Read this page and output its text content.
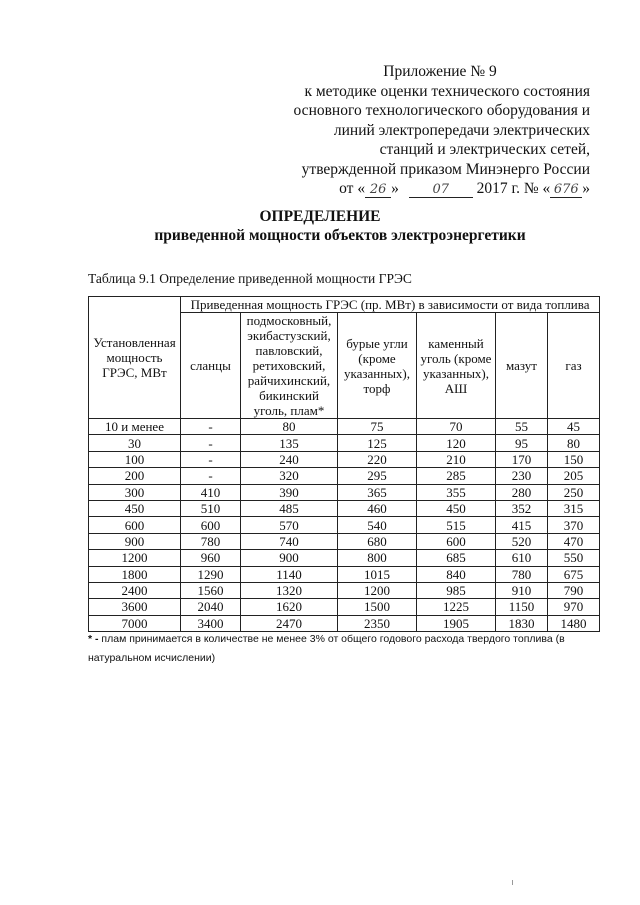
Приложение № 9
к методике оценки технического состояния
основного технологического оборудования и
линий электропередачи электрических
станций и электрических сетей,
утвержденной приказом Минэнерго России
от « 26 »	07 2017 г. № « 676 »
ОПРЕДЕЛЕНИЕ
приведенной мощности объектов электроэнергетики
Таблица 9.1 Определение приведенной мощности ГРЭС
Установленная мощность ГРЭС, МВт	Приведенная мощность ГРЭС (пр. МВт) в зависимости от вида топлива					
	сланцы	подмосковный, экибастузский, павловский, ретиховский, райчихинский, бикинский уголь, плам*	бурые угли (кроме указанных), торф	каменный уголь (кроме указанных), АШ	мазут	газ
10 и менее	-	80	75	70	55	45
30	-	135	125	120	95	80
100	-	240	220	210	170	150
200	-	320	295	285	230	205
300	410	390	365	355	280	250
450	510	485	460	450	352	315
600	600	570	540	515	415	370
900	780	740	680	600	520	470
1200	960	900	800	685	610	550
1800	1290	1140	1015	840	780	675
2400	1560	1320	1200	985	910	790
3600	2040	1620	1500	1225	1150	970
7000	3400	2470	2350	1905	1830	1480
* - плам принимается в количестве не менее 3% от общего годового расхода твердого топлива (в натуральном исчислении)
